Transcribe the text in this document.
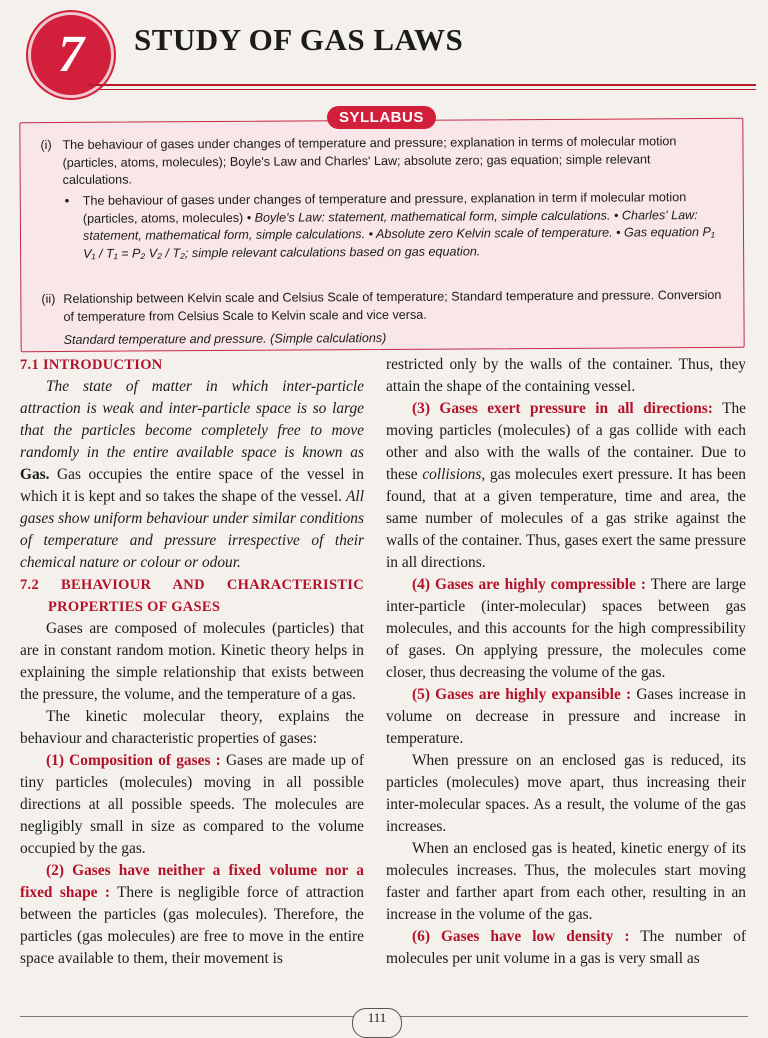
7 STUDY OF GAS LAWS
(i) The behaviour of gases under changes of temperature and pressure; explanation in terms of molecular motion (particles, atoms, molecules); Boyle's Law and Charles' Law; absolute zero; gas equation; simple relevant calculations.
• The behaviour of gases under changes of temperature and pressure, explanation in term if molecular motion (particles, atoms, molecules) • Boyle's Law: statement, mathematical form, simple calculations. • Charles' Law: statement, mathematical form, simple calculations. • Absolute zero Kelvin scale of temperature. • Gas equation P₁ V₁ / T₁ = P₂ V₂ / T₂; simple relevant calculations based on gas equation.
(ii) Relationship between Kelvin scale and Celsius Scale of temperature; Standard temperature and pressure. Conversion of temperature from Celsius Scale to Kelvin scale and vice versa.
Standard temperature and pressure. (Simple calculations)
SYLLABUS

7.1 INTRODUCTION

The state of matter in which inter-particle attraction is weak and inter-particle space is so large that the particles become completely free to move randomly in the entire available space is known as Gas. Gas occupies the entire space of the vessel in which it is kept and so takes the shape of the vessel. All gases show uniform behaviour under similar conditions of temperature and pressure irrespective of their chemical nature or colour or odour.

7.2 BEHAVIOUR AND CHARACTERISTIC PROPERTIES OF GASES

Gases are composed of molecules (particles) that are in constant random motion. Kinetic theory helps in explaining the simple relationship that exists between the pressure, the volume, and the temperature of a gas.

The kinetic molecular theory, explains the behaviour and characteristic properties of gases:

(1) Composition of gases : Gases are made up of tiny particles (molecules) moving in all possible directions at all possible speeds. The molecules are negligibly small in size as compared to the volume occupied by the gas.

(2) Gases have neither a fixed volume nor a fixed shape : There is negligible force of attraction between the particles (gas molecules). Therefore, the particles (gas molecules) are free to move in the entire space available to them, their movement is

restricted only by the walls of the container. Thus, they attain the shape of the containing vessel.

(3) Gases exert pressure in all directions: The moving particles (molecules) of a gas collide with each other and also with the walls of the container. Due to these collisions, gas molecules exert pressure. It has been found, that at a given temperature, time and area, the same number of molecules of a gas strike against the walls of the container. Thus, gases exert the same pressure in all directions.

(4) Gases are highly compressible : There are large inter-particle (inter-molecular) spaces between gas molecules, and this accounts for the high compressibility of gases. On applying pressure, the molecules come closer, thus decreasing the volume of the gas.

(5) Gases are highly expansible : Gases increase in volume on decrease in pressure and increase in temperature.

When pressure on an enclosed gas is reduced, its particles (molecules) move apart, thus increasing their inter-molecular spaces. As a result, the volume of the gas increases.

When an enclosed gas is heated, kinetic energy of its molecules increases. Thus, the molecules start moving faster and farther apart from each other, resulting in an increase in the volume of the gas.

(6) Gases have low density : The number of molecules per unit volume in a gas is very small as

111
